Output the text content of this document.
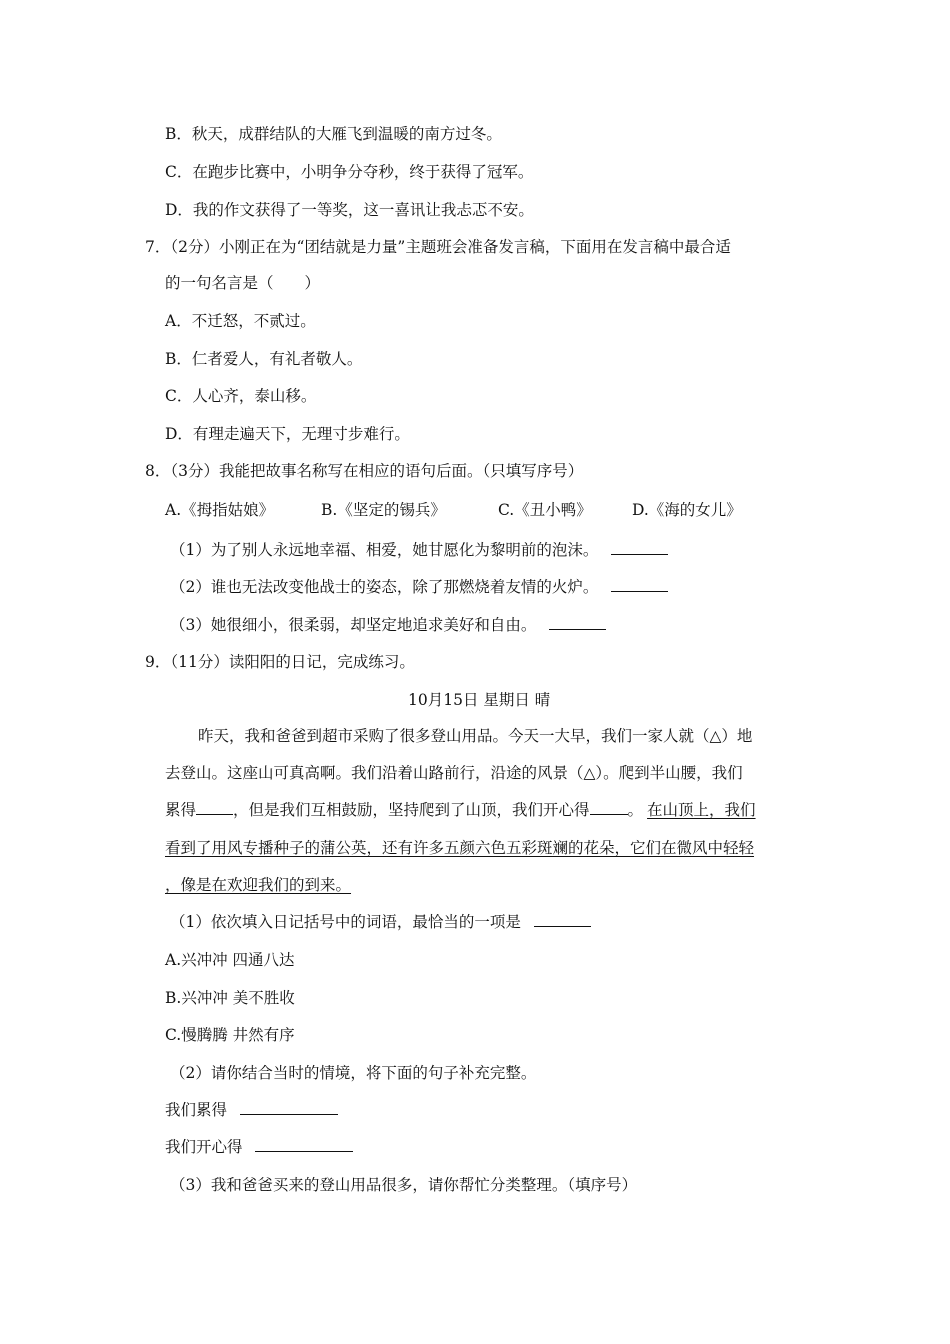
B．秋天，成群结队的大雁飞到温暖的南方过冬。
C．在跑步比赛中，小明争分夺秒，终于获得了冠军。
D．我的作文获得了一等奖，这一喜讯让我忐忑不安。
7．（2分）小刚正在为“团结就是力量”主题班会准备发言稿，下面用在发言稿中最合适
的一句名言是（　　）
A．不迁怒，不贰过。
B．仁者爱人，有礼者敬人。
C．人心齐，泰山移。
D．有理走遍天下，无理寸步难行。
8．（3分）我能把故事名称写在相应的语句后面。（只填写序号）
A.《拇指姑娘》	B.《坚定的锡兵》	C.《丑小鸭》	D.《海的女儿》
（1）为了别人永远地幸福、相爱，她甘愿化为黎明前的泡沫。
（2）谁也无法改变他战士的姿态，除了那燃烧着友情的火炉。
（3）她很细小，很柔弱，却坚定地追求美好和自由。
9．（11分）读阳阳的日记，完成练习。
10月15日 星期日 晴
昨天，我和爸爸到超市采购了很多登山用品。今天一大早，我们一家人就（△）地
去登山。这座山可真高啊。我们沿着山路前行，沿途的风景（△）。爬到半山腰，我们
累得 ，但是我们互相鼓励，坚持爬到了山顶，我们开心得 。 在山顶上，我们
看到了用风专播种子的蒲公英，还有许多五颜六色五彩斑斓的花朵，它们在微风中轻轻
，像是在欢迎我们的到来。
（1）依次填入日记括号中的词语，最恰当的一项是
A.兴冲冲 四通八达
B.兴冲冲 美不胜收
C.慢腾腾 井然有序
（2）请你结合当时的情境，将下面的句子补充完整。
我们累得
我们开心得
（3）我和爸爸买来的登山用品很多，请你帮忙分类整理。（填序号）
